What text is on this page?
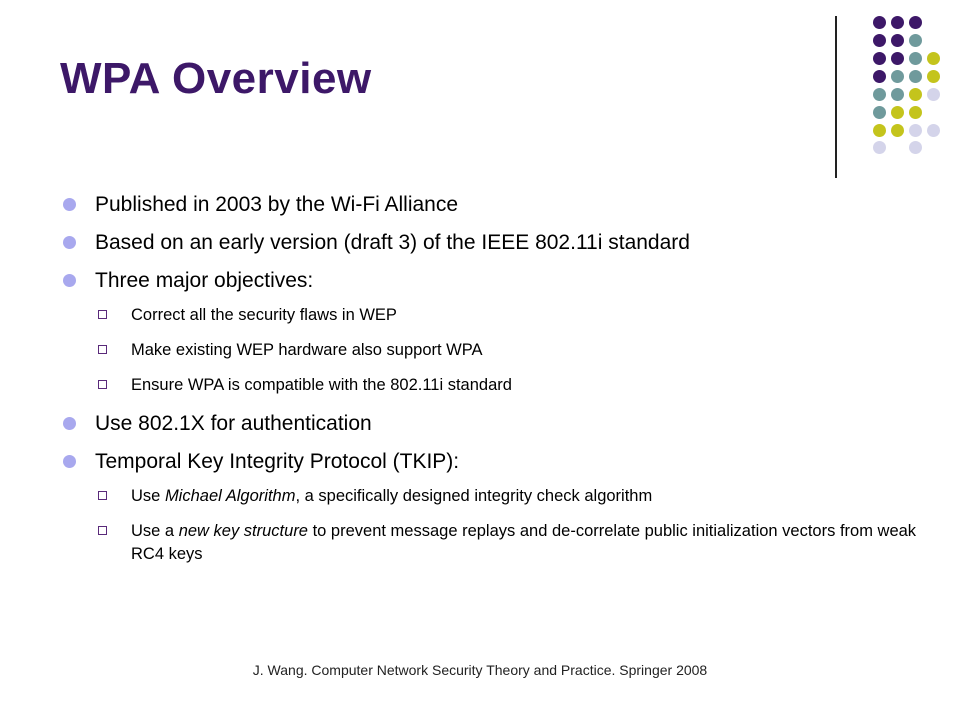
WPA Overview
Published in 2003 by the Wi-Fi Alliance
Based on an early version (draft 3) of the IEEE 802.11i standard
Three major objectives:
Correct all the security flaws in WEP
Make existing WEP hardware also support WPA
Ensure WPA is compatible with the 802.11i standard
Use 802.1X for authentication
Temporal Key Integrity Protocol (TKIP):
Use Michael Algorithm, a specifically designed integrity check algorithm
Use a new key structure to prevent message replays and de-correlate public initialization vectors from weak RC4 keys
J. Wang. Computer Network Security Theory and Practice. Springer 2008
